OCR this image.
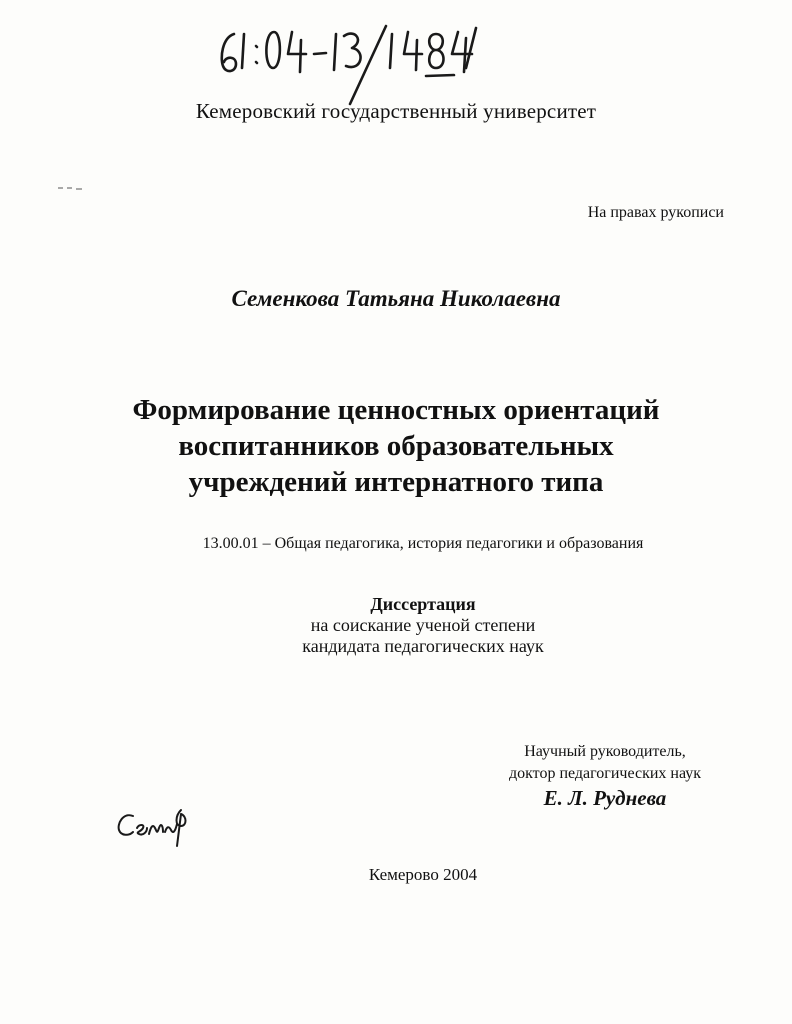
Кемеровский государственный университет
На правах рукописи
Семенкова Татьяна Николаевна
Формирование ценностных ориентаций
воспитанников образовательных
учреждений интернатного типа
13.00.01 – Общая педагогика, история педагогики и образования
Диссертация
на соискание ученой степени
кандидата педагогических наук
Научный руководитель,
доктор педагогических наук
Е. Л. Руднева
Кемерово 2004
